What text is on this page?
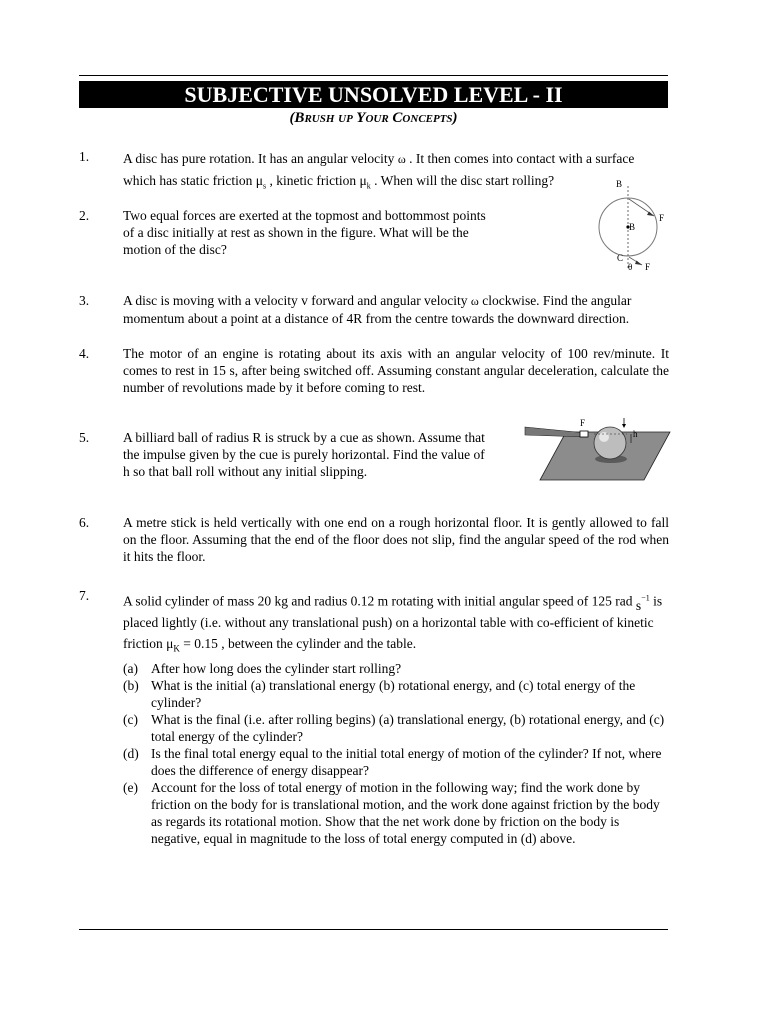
SUBJECTIVE UNSOLVED LEVEL - II
(Brush up Your Concepts)
1.	A disc has pure rotation. It has an angular velocity ω . It then comes into contact with a surface
which has static friction $\mu_s$ , kinetic friction $\mu_k$ . When will the disc start rolling?
2.	Two equal forces are exerted at the topmost and bottommost points of a disc initially at rest as shown in the figure. What will be the motion of the disc?
B
B
C
θ
F
F
3.	A disc is moving with a velocity v forward and angular velocity ω clockwise. Find the angular
momentum about a point at a distance of 4R from the centre towards the downward direction.
4.	The motor of an engine is rotating about its axis with an angular velocity of 100 rev/minute. It comes to rest in 15 s, after being switched off. Assuming constant angular deceleration, calculate the number of revolutions made by it before coming to rest.
5.	A billiard ball of radius R is struck by a cue as shown. Assume that the impulse given by the cue is purely horizontal. Find the value of h so that ball roll without any initial slipping.
F
h
6.	A metre stick is held vertically with one end on a rough horizontal floor. It is gently allowed to fall on the floor. Assuming that the end of the floor does not slip, find the angular speed of the rod when it hits the floor.
7.	A solid cylinder of mass 20 kg and radius 0.12 m rotating with initial angular speed of 125 rad $s^{-1}$ is
placed lightly (i.e. without any translational push) on a horizontal table with co-efficient of kinetic
friction $\mu_K = 0.15$ , between the cylinder and the table.
(a) After how long does the cylinder start rolling?
(b) What is the initial (a) translational energy (b) rotational energy, and (c) total energy of the cylinder?
(c) What is the final (i.e. after rolling begins) (a) translational energy, (b) rotational energy, and (c) total energy of the cylinder?
(d) Is the final total energy equal to the initial total energy of motion of the cylinder? If not, where does the difference of energy disappear?
(e) Account for the loss of total energy of motion in the following way; find the work done by friction on the body for is translational motion, and the work done against friction by the body as regards its rotational motion. Show that the net work done by friction on the body is negative, equal in magnitude to the loss of total energy computed in (d) above.
